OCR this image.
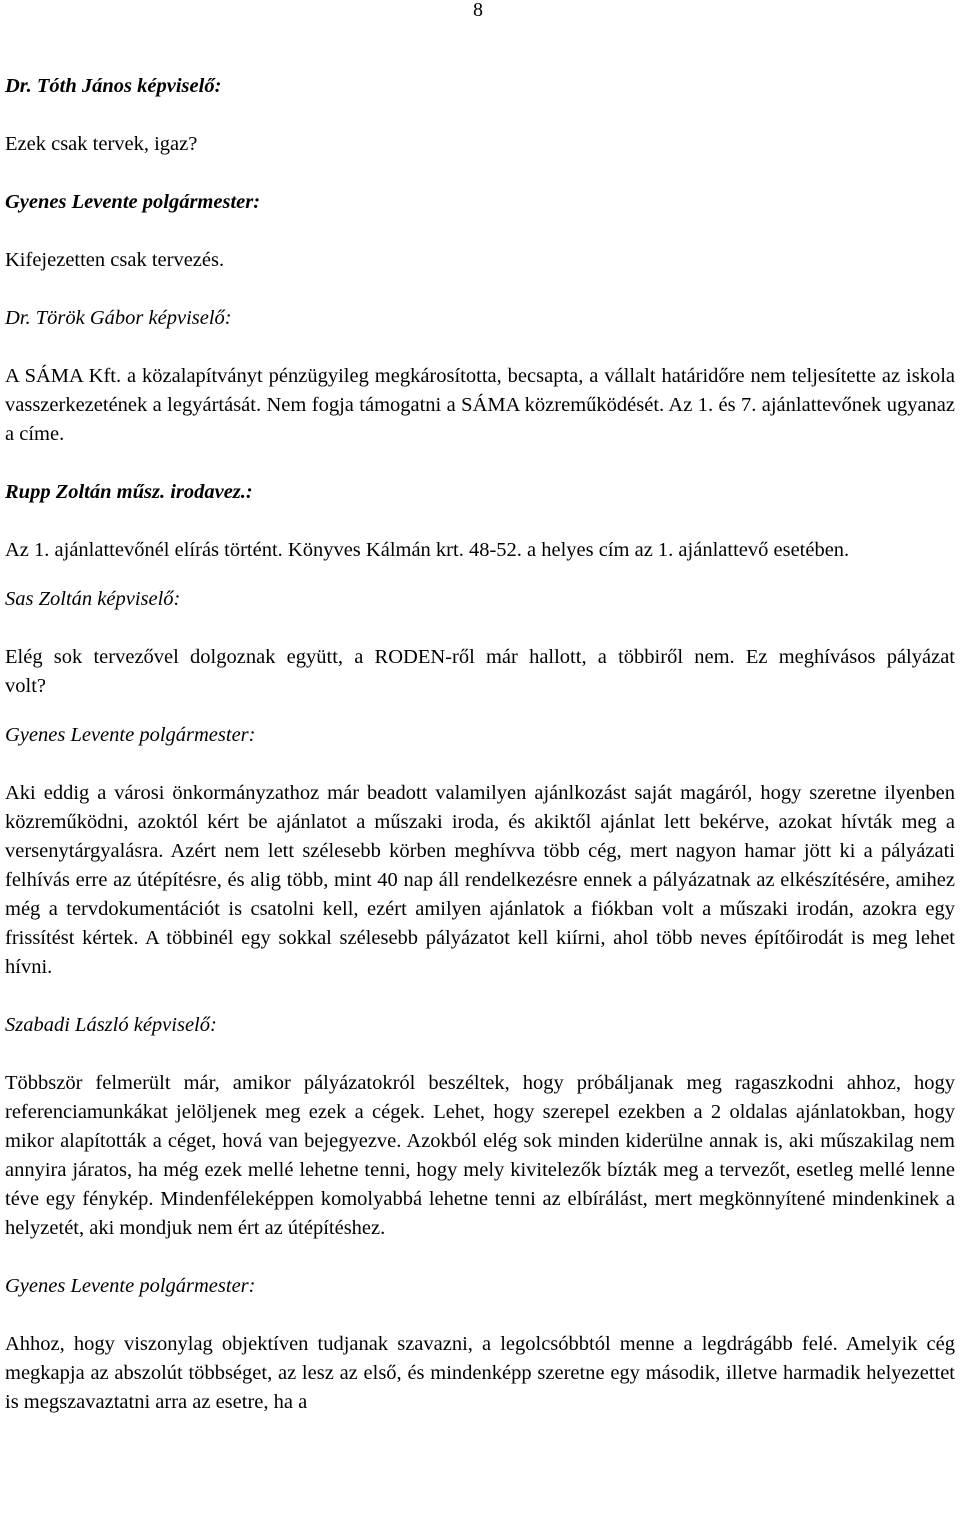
8

Dr. Tóth János képviselő:

Ezek csak tervek, igaz?

Gyenes Levente polgármester:

Kifejezetten csak tervezés.

Dr. Török Gábor képviselő:

A SÁMA Kft. a közalapítványt pénzügyileg megkárosította, becsapta, a vállalt határidőre nem teljesítette az iskola vasszerkezetének a legyártását. Nem fogja támogatni a SÁMA közreműködését. Az 1. és 7. ajánlattevőnek ugyanaz a címe.

Rupp Zoltán műsz. irodavez.:

Az 1. ajánlattevőnél elírás történt. Könyves Kálmán krt. 48-52. a helyes cím az 1. ajánlattevő esetében.

Sas Zoltán képviselő:

Elég sok tervezővel dolgoznak együtt, a RODEN-ről már hallott, a többiről nem. Ez meghívásos pályázat volt?

Gyenes Levente polgármester:

Aki eddig a városi önkormányzathoz már beadott valamilyen ajánlkozást saját magáról, hogy szeretne ilyenben közreműködni, azoktól kért be ajánlatot a műszaki iroda, és akiktől ajánlat lett bekérve, azokat hívták meg a versenytárgyalásra. Azért nem lett szélesebb körben meghívva több cég, mert nagyon hamar jött ki a pályázati felhívás erre az útépítésre, és alig több, mint 40 nap áll rendelkezésre ennek a pályázatnak az elkészítésére, amihez még a tervdokumentációt is csatolni kell, ezért amilyen ajánlatok a fiókban volt a műszaki irodán, azokra egy frissítést kértek. A többinél egy sokkal szélesebb pályázatot kell kiírni, ahol több neves építőirodát is meg lehet hívni.

Szabadi László képviselő:

Többször felmerült már, amikor pályázatokról beszéltek, hogy próbáljanak meg ragaszkodni ahhoz, hogy referenciamunkákat jelöljenek meg ezek a cégek. Lehet, hogy szerepel ezekben a 2 oldalas ajánlatokban, hogy mikor alapították a céget, hová van bejegyezve. Azokból elég sok minden kiderülne annak is, aki műszakilag nem annyira járatos, ha még ezek mellé lehetne tenni, hogy mely kivitelezők bízták meg a tervezőt, esetleg mellé lenne téve egy fénykép. Mindenféleképpen komolyabbá lehetne tenni az elbírálást, mert megkönnyítené mindenkinek a helyzetét, aki mondjuk nem ért az útépítéshez.

Gyenes Levente polgármester:

Ahhoz, hogy viszonylag objektíven tudjanak szavazni, a legolcsóbbtól menne a legdrágább felé. Amelyik cég megkapja az abszolút többséget, az lesz az első, és mindenképp szeretne egy második, illetve harmadik helyezettet is megszavaztatni arra az esetre, ha a
